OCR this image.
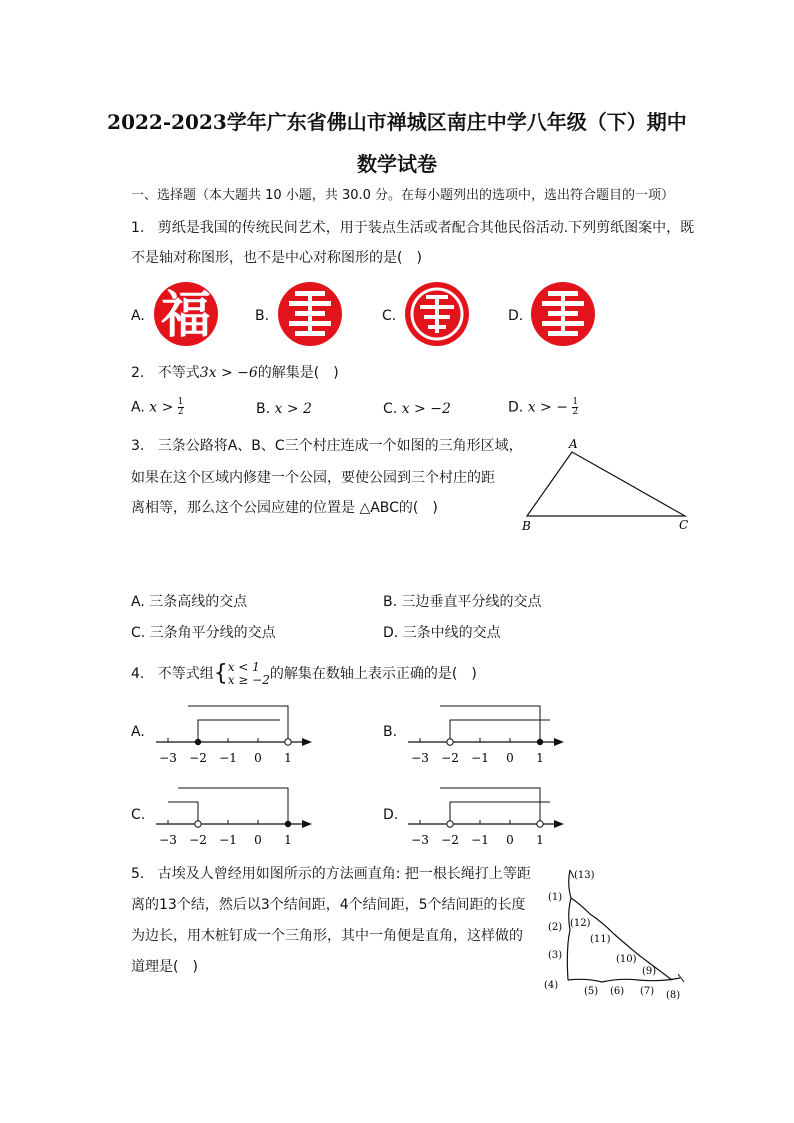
2022-2023学年广东省佛山市禅城区南庄中学八年级（下）期中
数学试卷
一、选择题（本大题共 10 小题，共 30.0 分。在每小题列出的选项中，选出符合题目的一项）
1. 剪纸是我国的传统民间艺术，用于装点生活或者配合其他民俗活动.下列剪纸图案中，既
不是轴对称图形，也不是中心对称图形的是(　)
A. 福	B.	C.	D.
2. 不等式3x > −6的解集是(　)
A. $x > \frac{1}{2}$	B. x > 2	C. x > −2	D. x > − $\frac{1}{2}$
3. 三条公路将A、B、C三个村庄连成一个如图的三角形区域，
如果在这个区域内修建一个公园，要使公园到三个村庄的距
离相等，那么这个公园应建的位置是 △ABC的(　)
A
B	C
A. 三条高线的交点	B. 三边垂直平分线的交点
C. 三条角平分线的交点	D. 三条中线的交点
4. 不等式组{ x < 1
x ≥ −2 的解集在数轴上表示正确的是(　)
A.
−3 −2 −1 0 1
B.
−3 −2 −1 0 1
C.
−3 −2 −1 0 1
D.
−3 −2 −1 0 1
5. 古埃及人曾经用如图所示的方法画直角: 把一根长绳打上等距
离的13个结，然后以3个结间距，4个结间距，5个结间距的长度
为边长，用木桩钉成一个三角形，其中一角便是直角，这样做的
道理是(　)
(13)
(1)
(2)
(3)
(4)
(5) (6) (7) (8)
(9)
(10)
(11)
(12)
